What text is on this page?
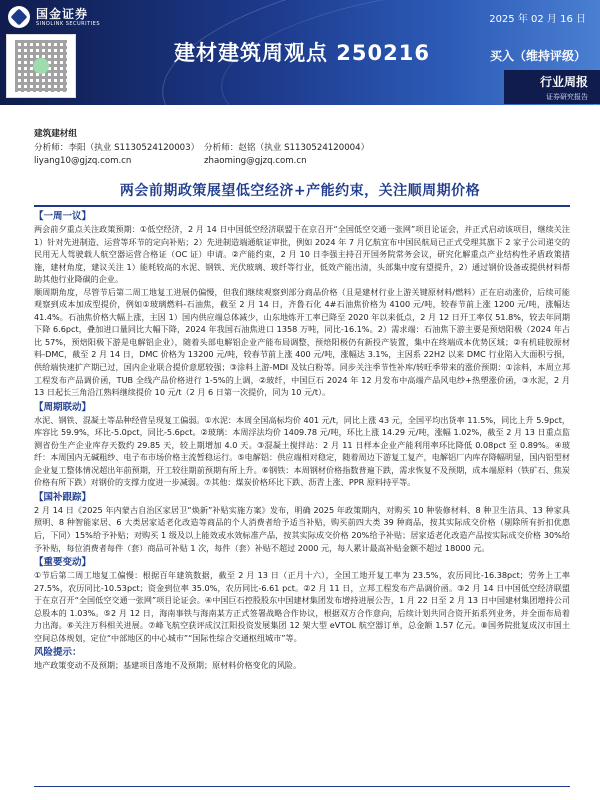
国金证券
SINOLINK SECURITIES	2025 年 02 月 16 日
建材建筑周观点 250216	买入（维持评级）
行业周报
证券研究报告
建筑建材组
分析师：李阳（执业 S1130524120003）
liyang10@gjzq.com.cn
分析师：赵铭（执业 S1130524120004）
zhaoming@gjzq.com.cn
两会前期政策展望低空经济+产能约束，关注顺周期价格
【一周一议】

两会前夕重点关注政策预期：①低空经济，2 月 14 日中国低空经济联盟于在京召开“全国低空交通一张网”项目论证会，并正式启动该项目，继续关注 1）针对先进制造、运营等环节的定向补贴；2）先进制造端通航证审批，例如 2024 年 7 月亿航宜布中国民航局已正式受理其旗下 2 家子公司递交的民用无人驾驶载人航空器运营合格证（OC 证）申请。②产能约束，2 月 10 日李强主持召开国务院常务会议，研究化解重点产业结构性矛盾政策措施，建材角度，建议关注 1）能耗较高的水泥、钢铁、光伏玻璃、玻纤等行业，低效产能出清，头部集中度有望提升，2）通过钢价设备或提供材料帮助其他行业降碳的企业。

顺周期角度，尽管节后第二周工地复工进展仍偏慢，但我们继续观察到部分商品价格（且是建材行业上游关键原材料/燃料）正在启动涨价，后续可能观察到成本加成型提价，例如①玻璃燃料-石油焦，截至 2 月 14 日，齐鲁石化 4#石油焦价格为 4100 元/吨，较春节前上涨 1200 元/吨，涨幅达 41.4%。石油焦价格大幅上涨，主因 1）国内供应端总体减少，山东地炼开工率已降至 2020 年以来低点，2 月 12 日开工率仅 51.8%，较去年同期下降 6.6pct，叠加进口量同比大幅下降，2024 年我国石油焦进口 1358 万吨，同比-16.1%。2）需求端：石油焦下游主要是预焙阳极（2024 年占比 57%，预焙阳极下游是电解铝企业），随着头部电解铝企业产能布局调整，预焙阳极仍有新投产装置，集中在终端成本优势区域；②有机硅胶原材料-DMC，截至 2 月 14 日，DMC 价格为 13200 元/吨，较春节前上涨 400 元/吨，涨幅达 3.1%，主因系 22H2 以来 DMC 行业陷入大面积亏损，供给端快速扩产期已过，国内企业联合提价意愿较强；③涂料上游-MDI 及钛白粉等。同步关注季节性补库/转旺季带来的涨价预期：①涂料，本周立邦工程发布产品调价函，TUB 全线产品价格进行 1-5%的上调，②玻纤，中国巨石 2024 年 12 月发布中高端产品风电纱+热塑涨价函，③水泥，2 月 13 日起长三角沿江熟料继续提价 10 元/t（2 月 6 日第一次提价，同为 10 元/t）。

【周期联动】

水泥、钢铁、混凝土等品种经营呈现复工偏弱。①水泥：本周全国高标均价 401 元/t，同比上涨 43 元，全国平均出货率 11.5%，同比上升 5.9pct，库容比 59.9%，环比-5.0pct，同比-5.6pct。②玻璃：本周浮法均价 1409.78 元/吨，环比上涨 14.29 元/吨，涨幅 1.02%，截至 2 月 13 日重点监测省份生产企业库存天数约 29.85 天，较上期增加 4.0 天。③混凝土搅拌站：2 月 11 日样本企业产能利用率环比降低 0.08pct 至 0.89%。④玻纤：本周国内无碱粗纱、电子布市场价格主流暂稳运行。⑤电解铝：供应端相对稳定，随着周边下游复工复产，电解铝厂内库存降幅明显，国内铝型材企业复工整体情况超出年前预期，开工较往期前预期有所上升。⑥钢铁：本周钢材价格指数普遍下跌，需求恢复不及预期，成本端原料（铁矿石、焦炭价格有所下跌）对钢价的支撑力度进一步减弱。⑦其他：煤炭价格环比下跌、沥青上涨、PPR 原料持平等。

【国补跟踪】

2 月 14 日《2025 年内蒙古自治区家居卫“焕新”补贴实施方案》发布，明确 2025 年政策期内，对购买 10 种装修材料、8 种卫生洁具、13 种家具照明、8 种智能家居、6 大类居家适老化改造等商品的个人消费者给予适当补贴，购买前四大类 39 种商品，按其实际成交价格（剔除所有折扣优惠后，下同）15%给予补贴；对购买 1 级及以上能效或水效标准产品，按其实际成交价格 20%给予补贴；居家适老化改造产品按实际成交价格 30%给予补贴，每位消费者每件（套）商品可补贴 1 次，每件（套）补贴不超过 2000 元，每人累计最高补贴金额不超过 18000 元。

【重要变动】

①节后第二周工地复工偏慢：根据百年建筑数据，截至 2 月 13 日（正月十六），全国工地开复工率为 23.5%，农历同比-16.38pct；劳务上工率 27.5%，农历同比-10.53pct；资金到位率 35.0%，农历同比-6.61 pct。②2 月 11 日，立邦工程发布产品调价函。③2 月 14 日中国低空经济联盟于在京召开“全国低空交通一张网”项目论证会。④中国巨石控股股东中国建材集团发布增持进展公告，1 月 22 日至 2 月 13 日中国建材集团增持公司总股本的 1.03%。⑤2 月 12 日，海南事铁与海南某方正式签署战略合作协议，根据双方合作意向，后续计划共同合资开拓系列业务，并全面布局着力出海。⑥关注万科相关进展。⑦峰飞航空获评成汉江阳投资发展集团 12 架大型 eVTOL 航空器订单，总金额 1.57 亿元。⑧国务院批复成汉市国土空间总体规划，定位“中部地区的中心城市”“国际性综合交通枢纽城市”等。

风险提示：

地产政策变动不及预期；基建项目落地不及预期；原材料价格变化的风险。
